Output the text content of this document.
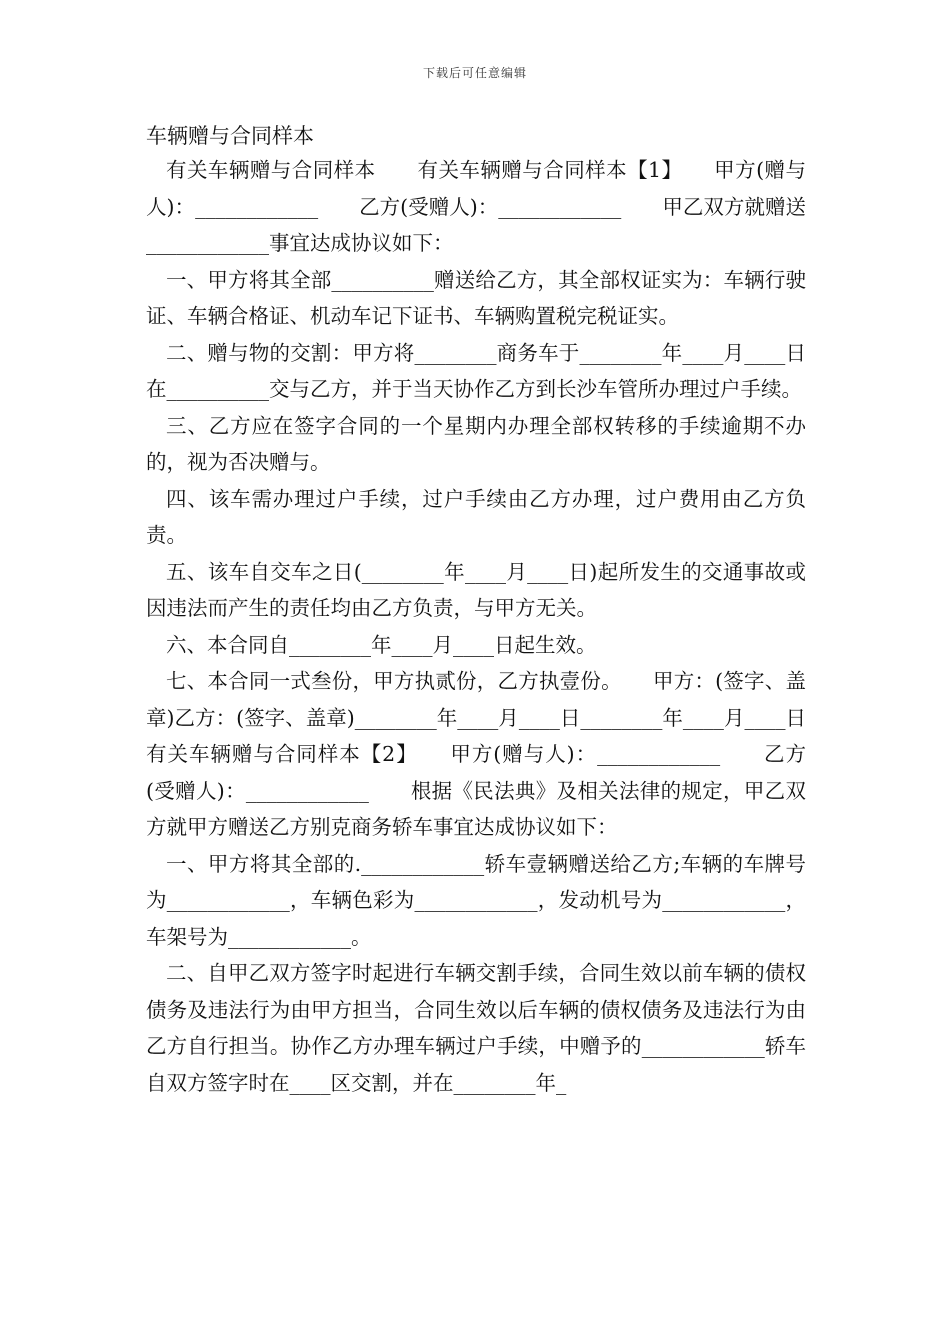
下载后可任意编辑
车辆赠与合同样本

有关车辆赠与合同样本　　有关车辆赠与合同样本【1】　　甲方(赠与人)：____________　　乙方(受赠人)：____________　　甲乙双方就赠送____________事宜达成协议如下：

一、甲方将其全部__________赠送给乙方，其全部权证实为：车辆行驶证、车辆合格证、机动车记下证书、车辆购置税完税证实。

二、赠与物的交割：甲方将________商务车于________年____月____日在__________交与乙方，并于当天协作乙方到长沙车管所办理过户手续。

三、乙方应在签字合同的一个星期内办理全部权转移的手续逾期不办的，视为否决赠与。

四、该车需办理过户手续，过户手续由乙方办理，过户费用由乙方负责。

五、该车自交车之日(________年____月____日)起所发生的交通事故或因违法而产生的责任均由乙方负责，与甲方无关。

六、本合同自________年____月____日起生效。

七、本合同一式叁份，甲方执贰份，乙方执壹份。　　甲方：(签字、盖章)乙方：(签字、盖章)________年____月____日________年____月____日　　有关车辆赠与合同样本【2】　　甲方(赠与人)：____________　　乙方(受赠人)：____________　　根据《民法典》及相关法律的规定，甲乙双方就甲方赠送乙方别克商务轿车事宜达成协议如下：

一、甲方将其全部的.____________轿车壹辆赠送给乙方;车辆的车牌号为____________，车辆色彩为____________，发动机号为____________，车架号为____________。

二、自甲乙双方签字时起进行车辆交割手续，合同生效以前车辆的债权债务及违法行为由甲方担当，合同生效以后车辆的债权债务及违法行为由乙方自行担当。协作乙方办理车辆过户手续，中赠予的____________轿车自双方签字时在____区交割，并在________年_
